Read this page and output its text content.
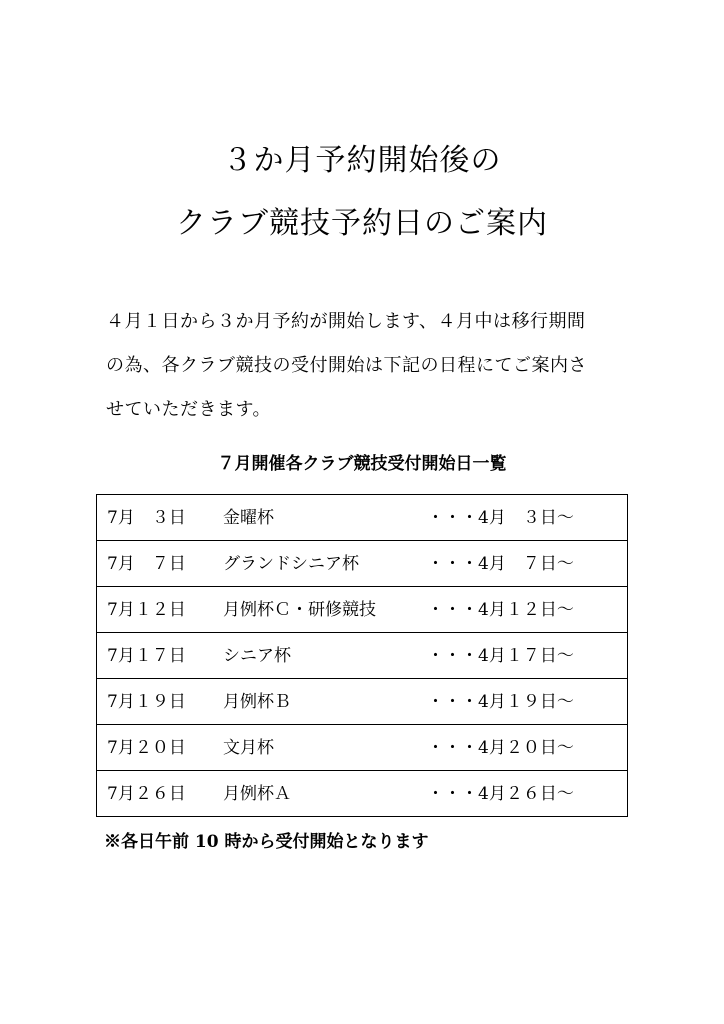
３か月予約開始後の
クラブ競技予約日のご案内
４月１日から３か月予約が開始します、４月中は移行期間
の為、各クラブ競技の受付開始は下記の日程にてご案内さ
せていただきます。
７月開催各クラブ競技受付開始日一覧
7月　３日 金曜杯	・・・4月　３日～
7月　７日 グランドシニア杯	・・・4月　７日～
7月１２日 月例杯Ｃ・研修競技	・・・4月１２日～
7月１７日 シニア杯	・・・4月１７日～
7月１９日 月例杯Ｂ	・・・4月１９日～
7月２０日 文月杯	・・・4月２０日～
7月２６日 月例杯Ａ	・・・4月２６日～
※各日午前 10 時から受付開始となります
